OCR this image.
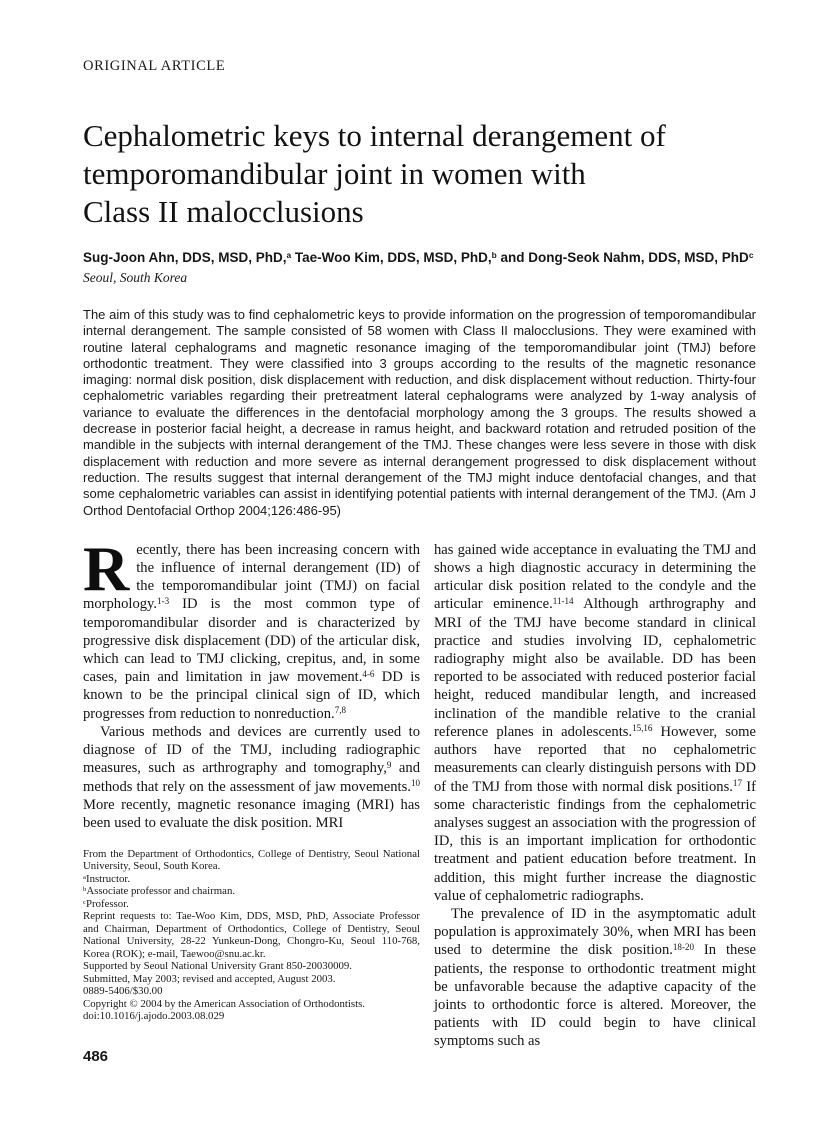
ORIGINAL ARTICLE
Cephalometric keys to internal derangement of
temporomandibular joint in women with
Class II malocclusions
Sug-Joon Ahn, DDS, MSD, PhD,$^a$ Tae-Woo Kim, DDS, MSD, PhD,$^b$ and Dong-Seok Nahm, DDS, MSD, PhD$^c$
Seoul, South Korea

The aim of this study was to find cephalometric keys to provide information on the progression of temporomandibular internal derangement. The sample consisted of 58 women with Class II malocclusions. They were examined with routine lateral cephalograms and magnetic resonance imaging of the temporomandibular joint (TMJ) before orthodontic treatment. They were classified into 3 groups according to the results of the magnetic resonance imaging: normal disk position, disk displacement with reduction, and disk displacement without reduction. Thirty-four cephalometric variables regarding their pretreatment lateral cephalograms were analyzed by 1-way analysis of variance to evaluate the differences in the dentofacial morphology among the 3 groups. The results showed a decrease in posterior facial height, a decrease in ramus height, and backward rotation and retruded position of the mandible in the subjects with internal derangement of the TMJ. These changes were less severe in those with disk displacement with reduction and more severe as internal derangement progressed to disk displacement without reduction. The results suggest that internal derangement of the TMJ might induce dentofacial changes, and that some cephalometric variables can assist in identifying potential patients with internal derangement of the TMJ. (Am J Orthod Dentofacial Orthop 2004;126:486-95)

Recently, there has been increasing concern with the influence of internal derangement (ID) of the temporomandibular joint (TMJ) on facial morphology.$^{1-3}$ ID is the most common type of temporomandibular disorder and is characterized by progressive disk displacement (DD) of the articular disk, which can lead to TMJ clicking, crepitus, and, in some cases, pain and limitation in jaw movement.$^{4-6}$ DD is known to be the principal clinical sign of ID, which progresses from reduction to nonreduction.$^{7,8}$

Various methods and devices are currently used to diagnose of ID of the TMJ, including radiographic measures, such as arthrography and tomography,$^9$ and methods that rely on the assessment of jaw movements.$^{10}$ More recently, magnetic resonance imaging (MRI) has been used to evaluate the disk position. MRI

From the Department of Orthodontics, College of Dentistry, Seoul National University, Seoul, South Korea.

$^a$Instructor.

$^b$Associate professor and chairman.

$^c$Professor.

Reprint requests to: Tae-Woo Kim, DDS, MSD, PhD, Associate Professor and Chairman, Department of Orthodontics, College of Dentistry, Seoul National University, 28-22 Yunkeun-Dong, Chongro-Ku, Seoul 110-768, Korea (ROK); e-mail, Taewoo@snu.ac.kr.

Supported by Seoul National University Grant 850-20030009.

Submitted, May 2003; revised and accepted, August 2003.

0889-5406/$30.00

Copyright © 2004 by the American Association of Orthodontists.

doi:10.1016/j.ajodo.2003.08.029

has gained wide acceptance in evaluating the TMJ and shows a high diagnostic accuracy in determining the articular disk position related to the condyle and the articular eminence.$^{11-14}$ Although arthrography and MRI of the TMJ have become standard in clinical practice and studies involving ID, cephalometric radiography might also be available. DD has been reported to be associated with reduced posterior facial height, reduced mandibular length, and increased inclination of the mandible relative to the cranial reference planes in adolescents.$^{15,16}$ However, some authors have reported that no cephalometric measurements can clearly distinguish persons with DD of the TMJ from those with normal disk positions.$^{17}$ If some characteristic findings from the cephalometric analyses suggest an association with the progression of ID, this is an important implication for orthodontic treatment and patient education before treatment. In addition, this might further increase the diagnostic value of cephalometric radiographs.

The prevalence of ID in the asymptomatic adult population is approximately 30%, when MRI has been used to determine the disk position.$^{18-20}$ In these patients, the response to orthodontic treatment might be unfavorable because the adaptive capacity of the joints to orthodontic force is altered. Moreover, the patients with ID could begin to have clinical symptoms such as

486
